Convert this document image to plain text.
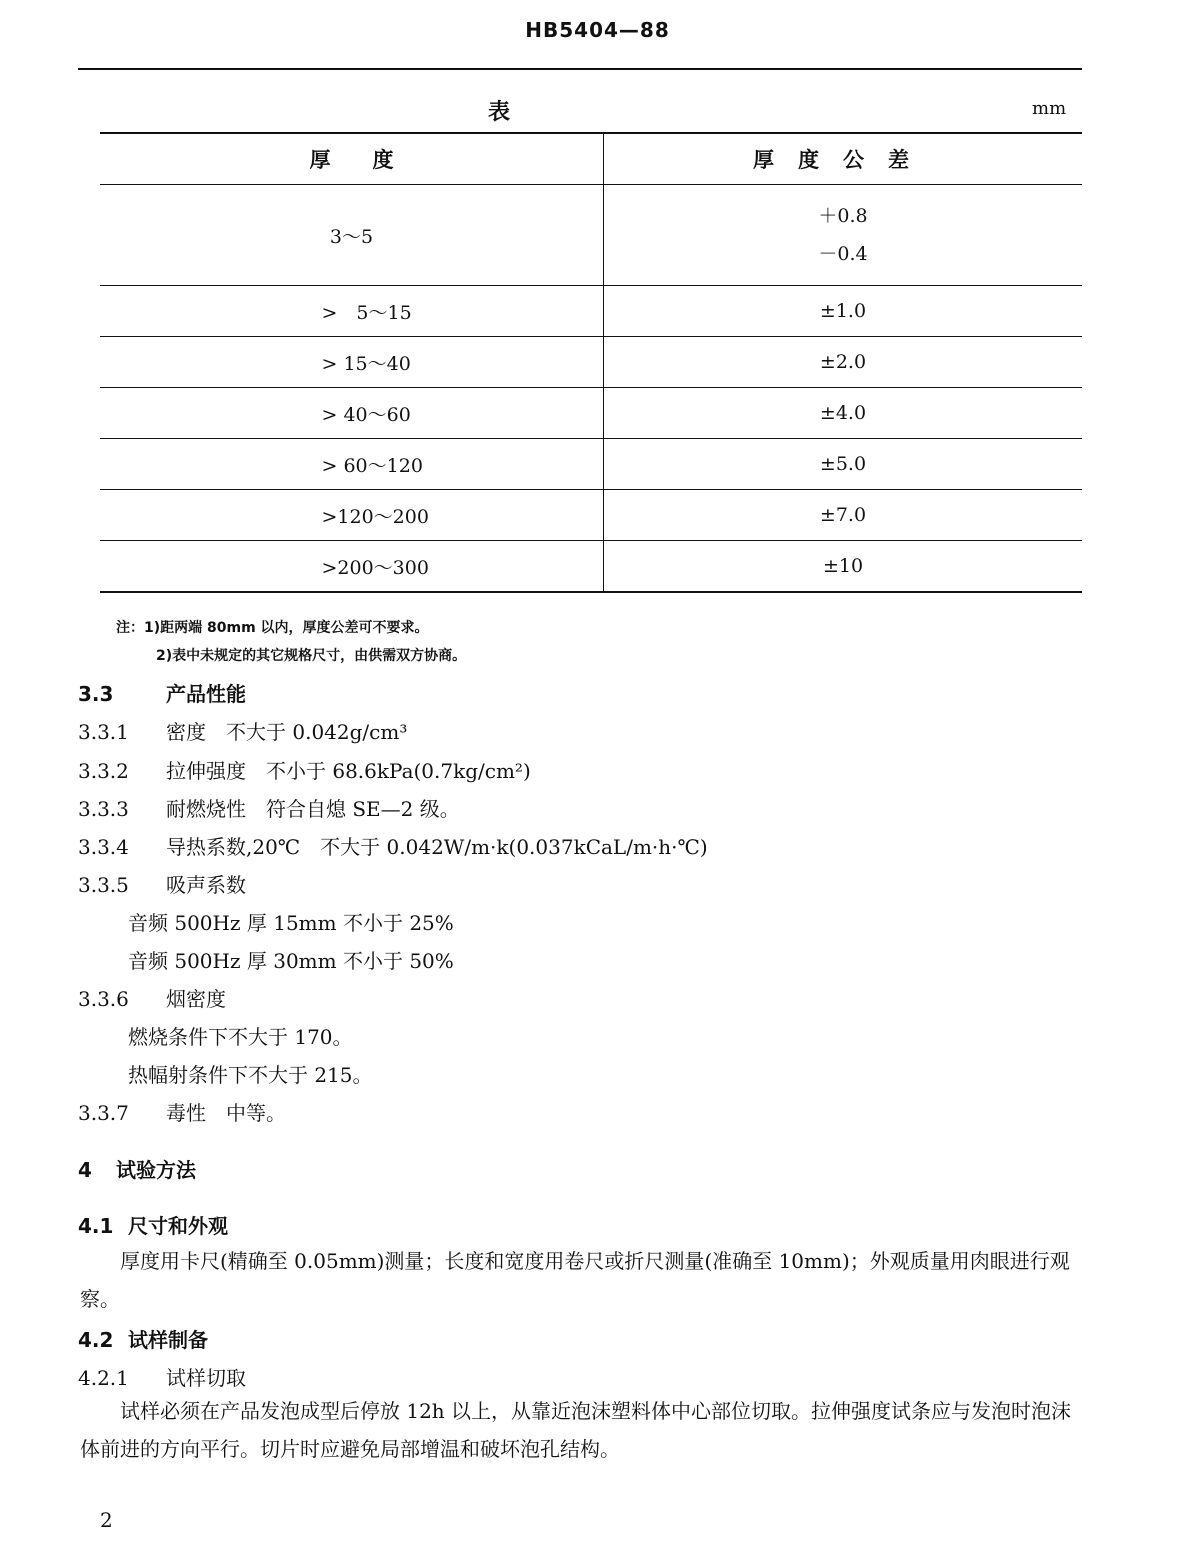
HB5404—88
表	mm
厚　　度	厚度公差
3～5	＋0.8
－0.4

>　5～15	±1.0
> 15～40	±2.0
> 40～60	±4.0
> 60～120	±5.0
>120～200	±7.0
>200～300	±10
注：1)距两端 80mm 以内，厚度公差可不要求。
2)表中未规定的其它规格尺寸，由供需双方协商。
3.3	产品性能
3.3.1 密度　不大于 0.042g/cm³
3.3.2 拉伸强度　不小于 68.6kPa(0.7kg/cm²)
3.3.3 耐燃烧性　符合自熄 SE—2 级。
3.3.4 导热系数,20℃　不大于 0.042W/m·k(0.037kCaL/m·h·℃)
3.3.5 吸声系数
音频 500Hz 厚 15mm 不小于 25%
音频 500Hz 厚 30mm 不小于 50%
3.3.6 烟密度
燃烧条件下不大于 170。
热幅射条件下不大于 215。
3.3.7 毒性　中等。
4 试验方法
4.1 尺寸和外观
　　厚度用卡尺(精确至 0.05mm)测量；长度和宽度用卷尺或折尺测量(准确至 10mm)；外观质量用肉眼进行观察。
4.2 试样制备
4.2.1 试样切取
　　试样必须在产品发泡成型后停放 12h 以上，从靠近泡沫塑料体中心部位切取。拉伸强度试条应与发泡时泡沫体前进的方向平行。切片时应避免局部增温和破坏泡孔结构。
2
